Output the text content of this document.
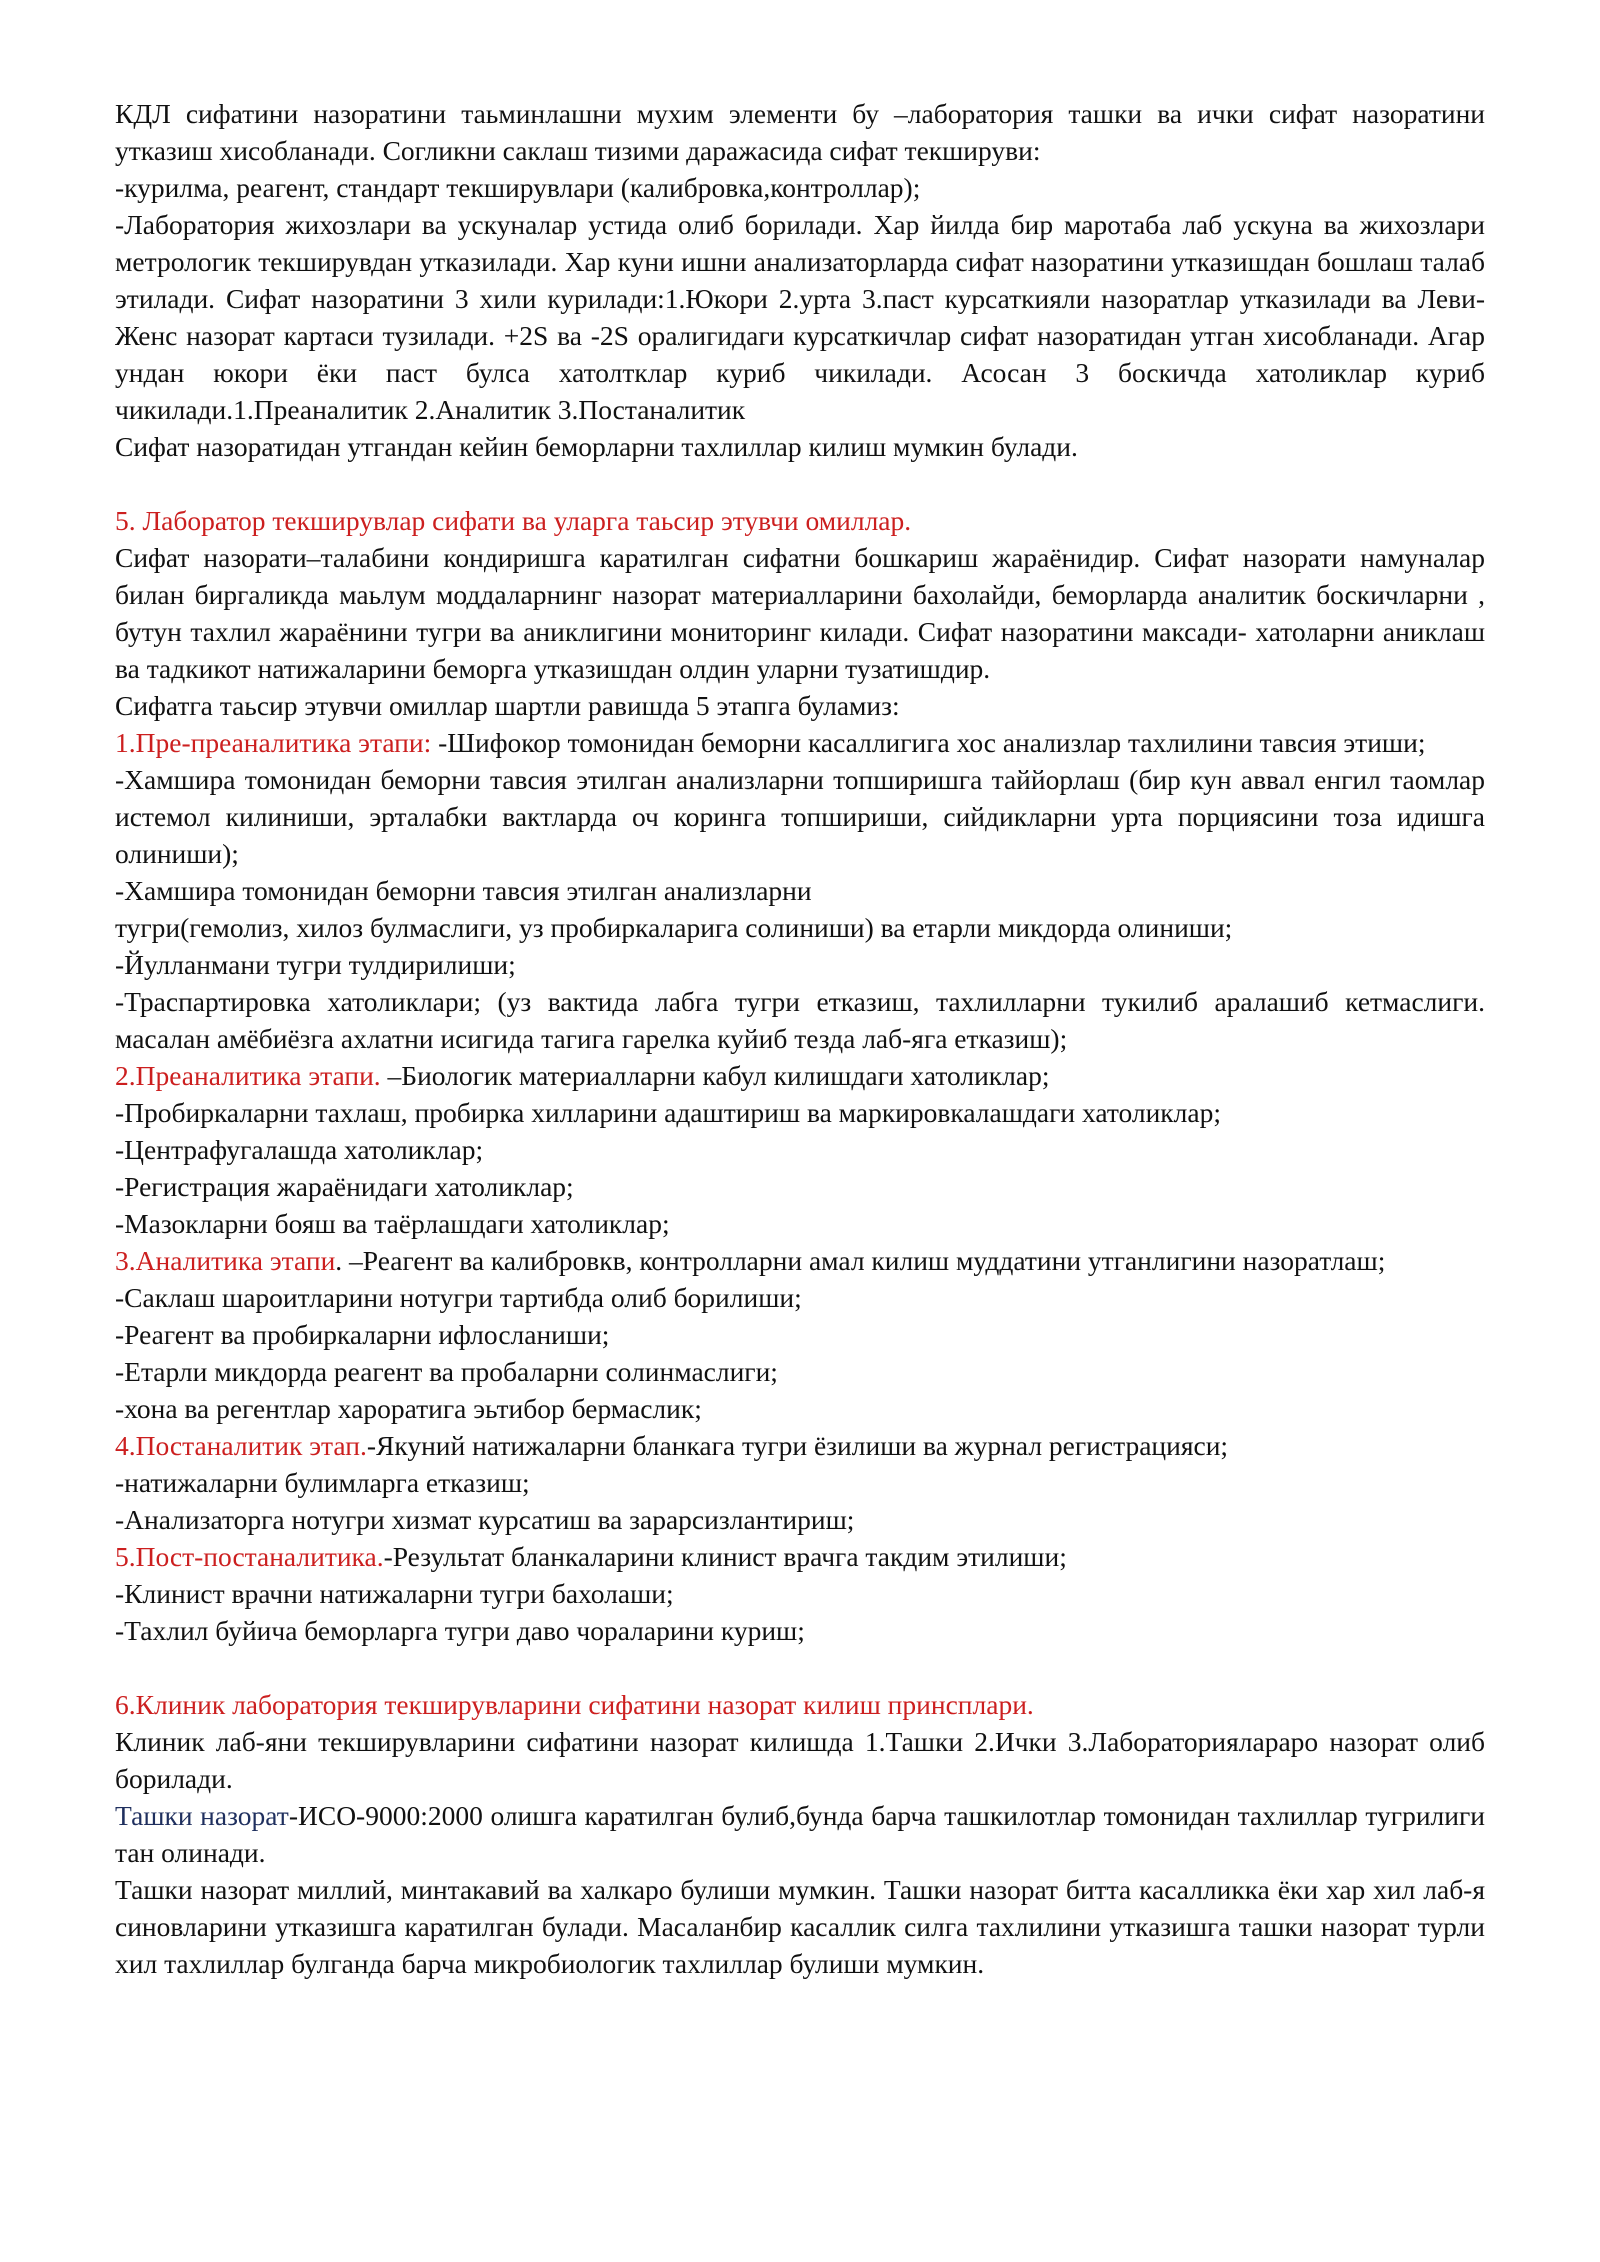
КДЛ сифатини назоратини таьминлашни мухим элементи бу –лаборатория ташки ва ички сифат назоратини утказиш хисобланади. Согликни саклаш тизими даражасида сифат текшируви:

-курилма, реагент, стандарт текширувлари (калибровка,контроллар);

-Лаборатория жихозлари ва ускуналар устида олиб борилади. Хар йилда бир маротаба лаб ускуна ва жихозлари метрологик текширувдан утказилади. Хар куни ишни анализаторларда сифат назоратини утказишдан бошлаш талаб этилади. Сифат назоратини 3 хили курилади:1.Юкори 2.урта 3.паст курсаткияли назоратлар утказилади ва Леви-Женс назорат картаси тузилади. +2S ва -2S оралигидаги курсаткичлар сифат назоратидан утган хисобланади. Агар ундан юкори ёки паст булса хатолтклар куриб чикилади. Асосан 3 боскичда хатоликлар куриб чикилади.1.Преаналитик 2.Аналитик 3.Постаналитик

Сифат назоратидан утгандан кейин беморларни тахлиллар килиш мумкин булади.

5. Лаборатор текширувлар сифати ва уларга таьсир этувчи омиллар.

Сифат назорати–талабини кондиришга каратилган сифатни бошкариш жараёнидир. Сифат назорати намуналар билан биргаликда маьлум моддаларнинг назорат материалларини бахолайди, беморларда аналитик боскичларни , бутун тахлил жараёнини тугри ва аниклигини мониторинг килади. Сифат назоратини максади- хатоларни аниклаш ва тадкикот натижаларини беморга утказишдан олдин уларни тузатишдир.

Сифатга таьсир этувчи омиллар шартли равишда 5 этапга буламиз:

1.Пре-преаналитика этапи: -Шифокор томонидан беморни касаллигига хос анализлар тахлилини тавсия этиши;

-Хамшира томонидан беморни тавсия этилган анализларни топширишга таййорлаш (бир кун аввал енгил таомлар истемол килиниши, эрталабки вактларда оч корингa топшириши, сийдикларни урта порциясини тоза идишга олиниши);

-Хамшира томонидан беморни тавсия этилган анализларни

тугри(гемолиз, хилоз булмаслиги, уз пробиркаларига солиниши) ва етарли микдорда олиниши;

-Йулланмани тугри тулдирилиши;

-Траспартировка хатоликлари; (уз вактида лабга тугри етказиш, тахлилларни тукилиб аралашиб кетмаслиги. масалан амёбиёзга ахлатни исигида тагига гарелка куйиб тезда лаб-яга етказиш);

2.Преаналитика этапи. –Биологик материалларни кабул килишдаги хатоликлар;

-Пробиркаларни тахлаш, пробирка хилларини адаштириш ва маркировкалашдаги хатоликлар;

-Центрафугалашда хатоликлар;

-Регистрация жараёнидаги хатоликлар;

-Мазокларни бояш ва таёрлашдаги хатоликлар;

3.Аналитика этапи. –Реагент ва калибровкв, контролларни амал килиш муддатини утганлигини назоратлаш;

-Саклаш шароитларини нотугри тартибда олиб борилиши;

-Реагент ва пробиркаларни ифлосланиши;

-Етарли микдорда реагент ва пробаларни солинмаслиги;

-хона ва регентлар хароратига эьтибор бермаслик;

4.Постаналитик этап.-Якуний натижаларни бланкага тугри ёзилиши ва журнал регистрацияси;

-натижаларни булимларга етказиш;

-Анализаторга нотугри хизмат курсатиш ва зарарсизлантириш;

5.Пост-постаналитика.-Результат бланкаларини клинист врачга такдим этилиши;

-Клинист врачни натижаларни тугри бахолаши;

-Тахлил буйича беморларга тугри даво чораларини куриш;

6.Клиник лаборатория текширувларини сифатини назорат килиш принсплари.

Клиник лаб-яни текширувларини сифатини назорат килишда 1.Ташки 2.Ички 3.Лабораторияларaро назорат олиб борилади.

Ташки назорат-ИСО-9000:2000 олишга каратилган булиб,бунда барча ташкилотлар томонидан тахлиллар тугрилиги тан олинади.

Ташки назорат миллий, минтакавий ва халкаро булиши мумкин. Ташки назорат битта касалликка ёки хар хил лаб-я синовларини утказишга каратилган булади. Масаланбир касаллик силга тахлилини утказишга ташки назорат турли хил тахлиллар булганда барча микробиологик тахлиллар булиши мумкин.
